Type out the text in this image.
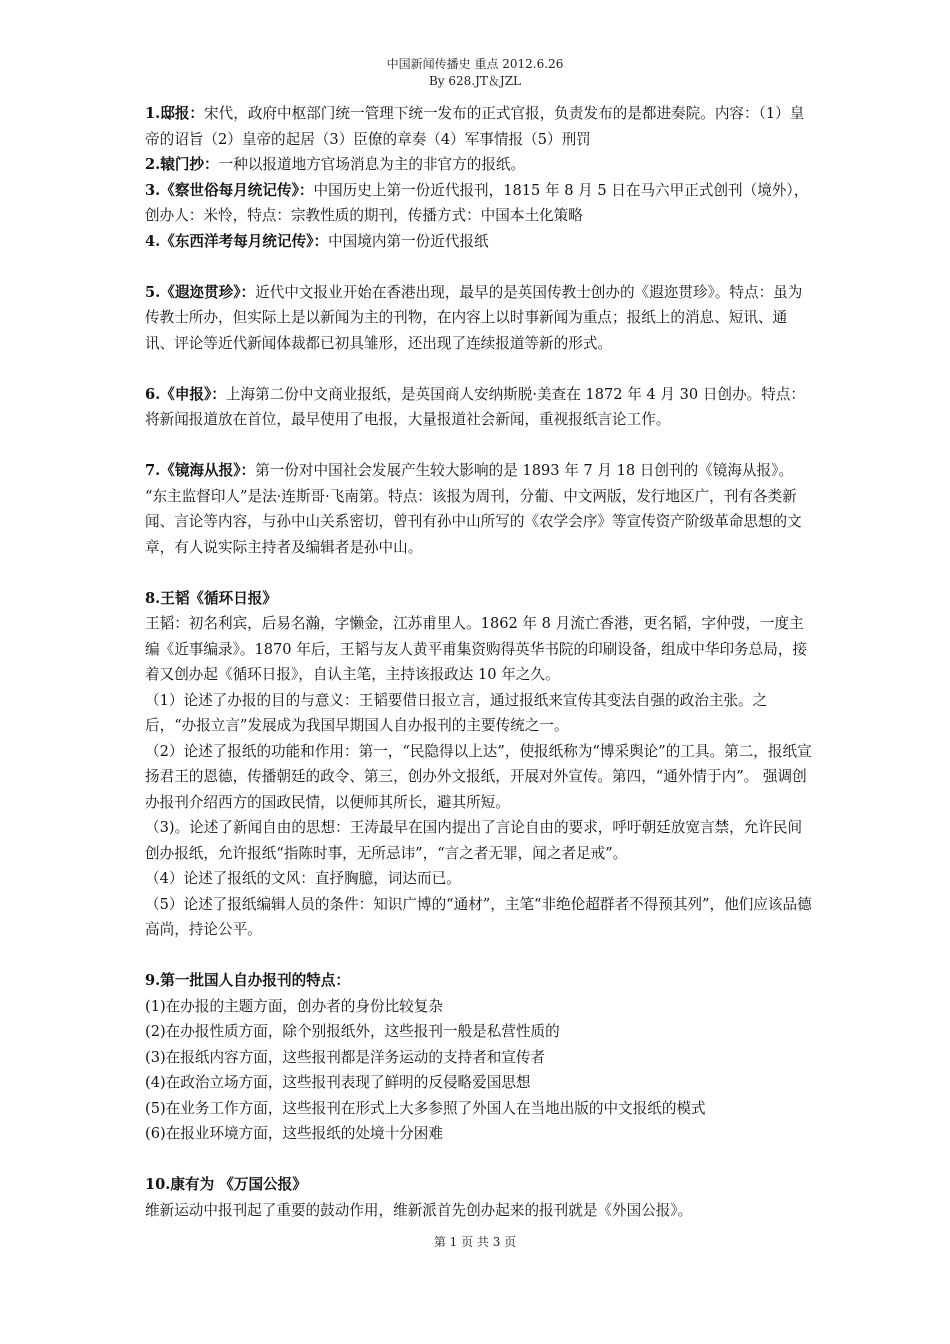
中国新闻传播史 重点 2012.6.26
By 628.JT＆JZL

1.邸报：宋代，政府中枢部门统一管理下统一发布的正式官报，负责发布的是都进奏院。内容：（1）皇帝的诏旨（2）皇帝的起居（3）臣僚的章奏（4）军事情报（5）刑罚

2.辕门抄：一种以报道地方官场消息为主的非官方的报纸。

3.《察世俗每月统记传》：中国历史上第一份近代报刊，1815 年 8 月 5 日在马六甲正式创刊（境外），创办人：米怜，特点：宗教性质的期刊，传播方式：中国本土化策略

4.《东西洋考每月统记传》：中国境内第一份近代报纸

5.《遐迩贯珍》：近代中文报业开始在香港出现，最早的是英国传教士创办的《遐迩贯珍》。特点：虽为传教士所办，但实际上是以新闻为主的刊物，在内容上以时事新闻为重点；报纸上的消息、短讯、通讯、评论等近代新闻体裁都已初具雏形，还出现了连续报道等新的形式。

6.《申报》：上海第二份中文商业报纸，是英国商人安纳斯脱·美查在 1872 年 4 月 30 日创办。特点：将新闻报道放在首位，最早使用了电报，大量报道社会新闻，重视报纸言论工作。

7.《镜海从报》：第一份对中国社会发展产生较大影响的是 1893 年 7 月 18 日创刊的《镜海从报》。 “东主监督印人”是法·连斯哥·飞南第。特点：该报为周刊，分葡、中文两版，发行地区广，刊有各类新闻、言论等内容，与孙中山关系密切，曾刊有孙中山所写的《农学会序》等宣传资产阶级革命思想的文章，有人说实际主持者及编辑者是孙中山。

8.王韬《循环日报》

王韬：初名利宾，后易名瀚，字懒金，江苏甫里人。1862 年 8 月流亡香港，更名韬，字仲弢，一度主编《近事编录》。1870 年后，王韬与友人黄平甫集资购得英华书院的印刷设备，组成中华印务总局，接着又创办起《循环日报》，自认主笔，主持该报政达 10 年之久。

（1）论述了办报的目的与意义：王韬要借日报立言，通过报纸来宣传其变法自强的政治主张。之后，“办报立言”发展成为我国早期国人自办报刊的主要传统之一。

（2）论述了报纸的功能和作用：第一，“民隐得以上达”，使报纸称为“博采舆论”的工具。第二，报纸宣扬君王的恩德，传播朝廷的政令、第三，创办外文报纸，开展对外宣传。第四，“通外情于内”。 强调创办报刊介绍西方的国政民情，以便师其所长，避其所短。

（3)。论述了新闻自由的思想：王涛最早在国内提出了言论自由的要求，呼吁朝廷放宽言禁，允许民间创办报纸，允许报纸“指陈时事，无所忌讳”，“言之者无罪，闻之者足戒”。

（4）论述了报纸的文风：直抒胸臆，词达而已。

（5）论述了报纸编辑人员的条件：知识广博的“通材”，主笔“非绝伦超群者不得预其列”，他们应该品德高尚，持论公平。

9.第一批国人自办报刊的特点：

(1)在办报的主题方面，创办者的身份比较复杂

(2)在办报性质方面，除个别报纸外，这些报刊一般是私营性质的

(3)在报纸内容方面，这些报刊都是洋务运动的支持者和宣传者

(4)在政治立场方面，这些报刊表现了鲜明的反侵略爱国思想

(5)在业务工作方面，这些报刊在形式上大多参照了外国人在当地出版的中文报纸的模式

(6)在报业环境方面，这些报纸的处境十分困难

10.康有为 《万国公报》

维新运动中报刊起了重要的鼓动作用，维新派首先创办起来的报刊就是《外国公报》。

第 1 页 共 3 页
